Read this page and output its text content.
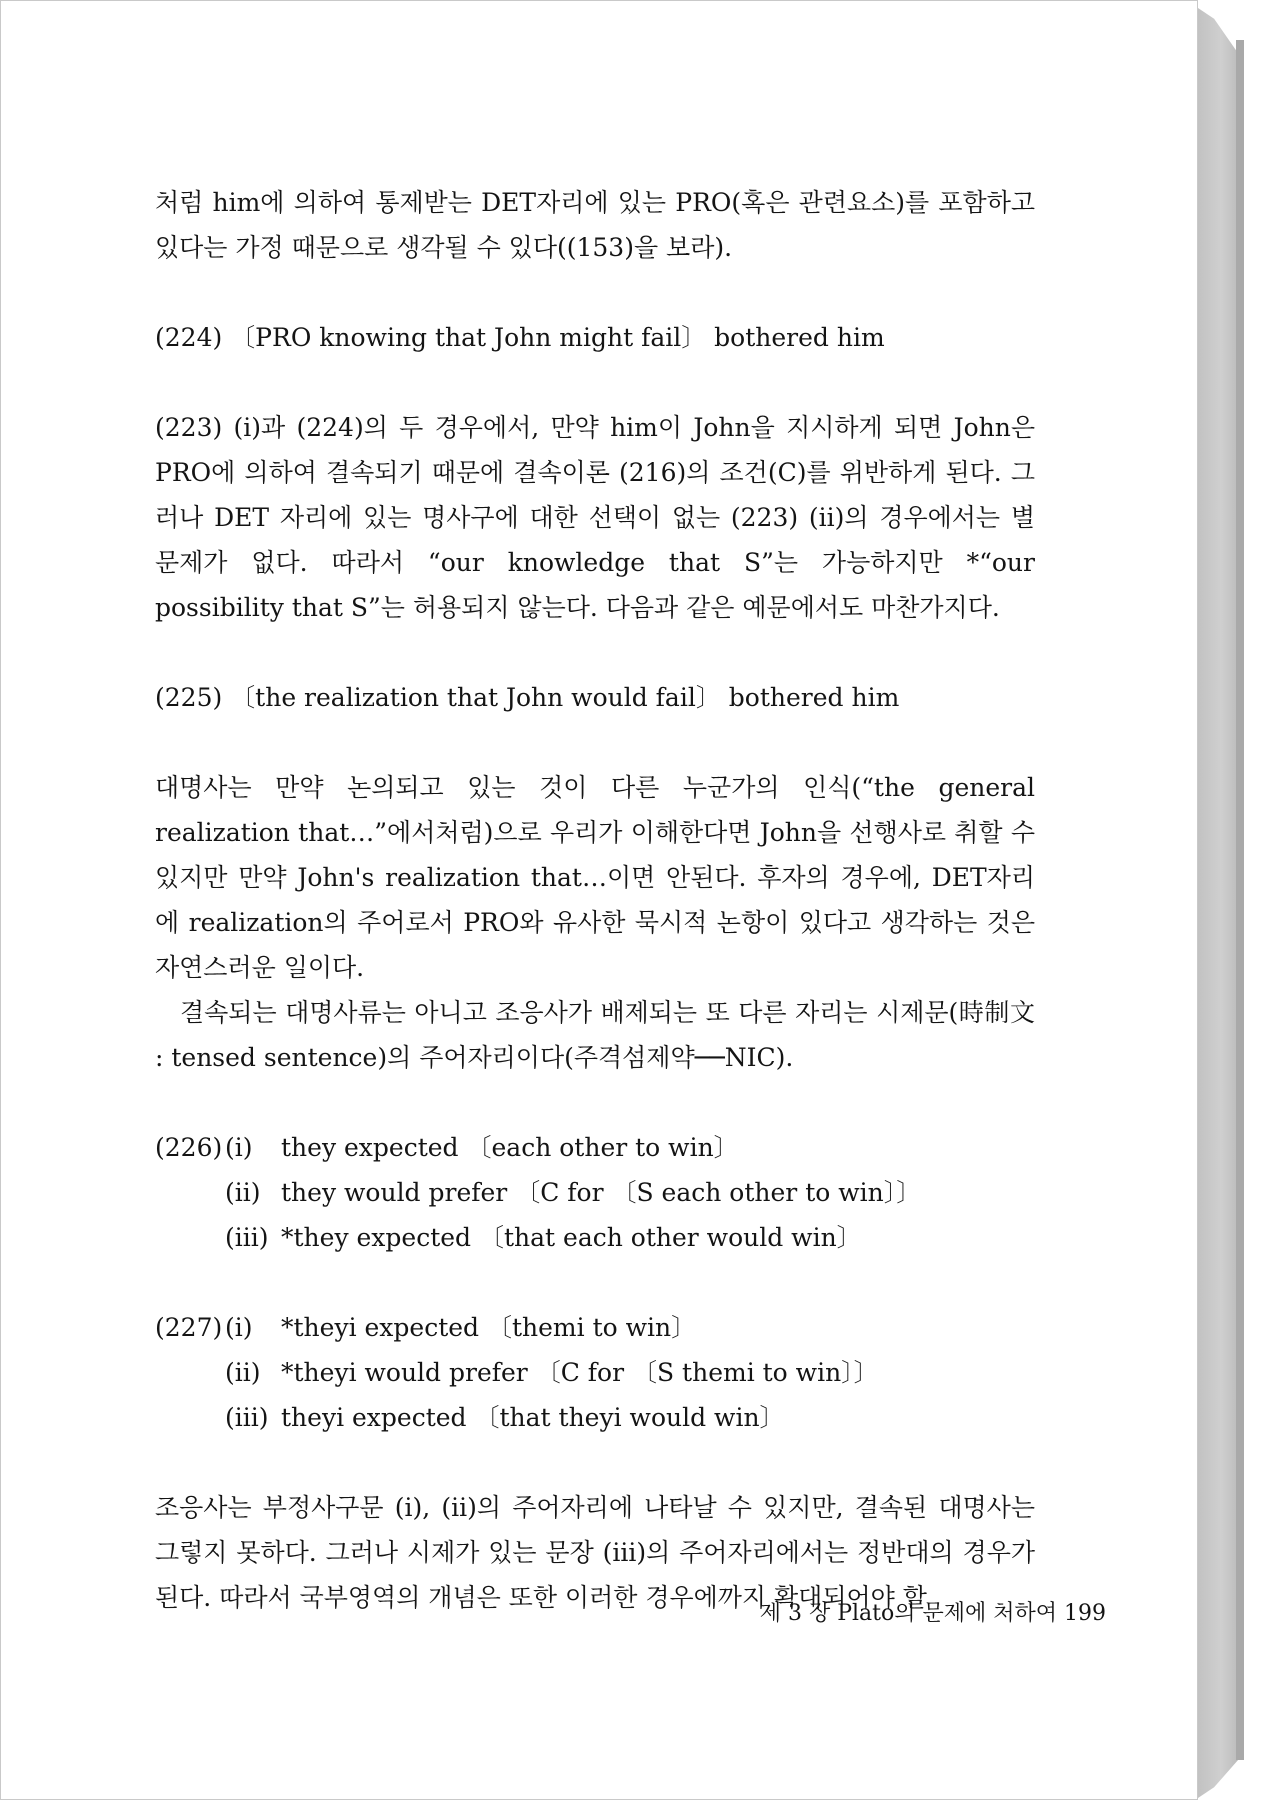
처럼 him에 의하여 통제받는 DET자리에 있는 PRO(혹은 관련요소)를 포함하고 있다는 가정 때문으로 생각될 수 있다((153)을 보라).

(224) 〔PRO knowing that John might fail〕 bothered him

(223) (i)과 (224)의 두 경우에서, 만약 him이 John을 지시하게 되면 John은 PRO에 의하여 결속되기 때문에 결속이론 (216)의 조건(C)를 위반하게 된다. 그러나 DET 자리에 있는 명사구에 대한 선택이 없는 (223) (ii)의 경우에서는 별 문제가 없다. 따라서 “our knowledge that S”는 가능하지만 *“our possibility that S”는 허용되지 않는다. 다음과 같은 예문에서도 마찬가지다.

(225) 〔the realization that John would fail〕 bothered him

대명사는 만약 논의되고 있는 것이 다른 누군가의 인식(“the general realization that…”에서처럼)으로 우리가 이해한다면 John을 선행사로 취할 수 있지만 만약 John's realization that…이면 안된다. 후자의 경우에, DET자리에 realization의 주어로서 PRO와 유사한 묵시적 논항이 있다고 생각하는 것은 자연스러운 일이다.

결속되는 대명사류는 아니고 조응사가 배제되는 또 다른 자리는 시제문(時制文 : tensed sentence)의 주어자리이다(주격섬제약──NIC).

(226) (i)	they expected 〔each other to win〕
(ii) they would prefer 〔C for 〔S each other to win〕〕
(iii) *they expected 〔that each other would win〕
(227) (i)	*theyi expected 〔themi to win〕
(ii) *theyi would prefer 〔C for 〔S themi to win〕〕
(iii) theyi expected 〔that theyi would win〕

조응사는 부정사구문 (i), (ii)의 주어자리에 나타날 수 있지만, 결속된 대명사는 그렇지 못하다. 그러나 시제가 있는 문장 (iii)의 주어자리에서는 정반대의 경우가 된다. 따라서 국부영역의 개념은 또한 이러한 경우에까지 확대되어야 할

제 3 장 Plato의 문제에 처하여 199
